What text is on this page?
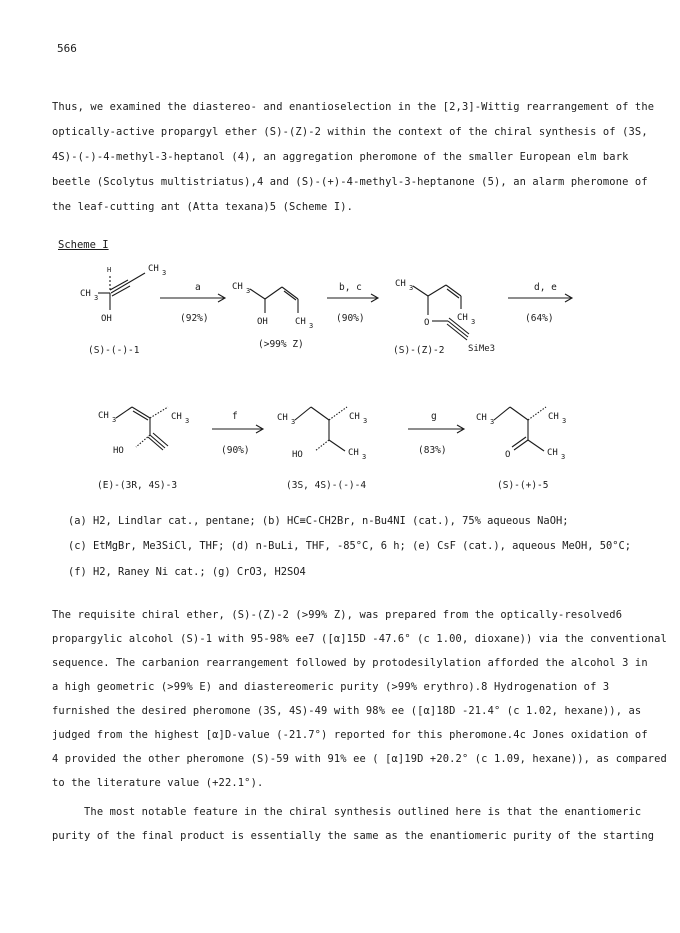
566
Thus, we examined the diastereo- and enantioselection in the [2,3]-Wittig rearrangement of the
optically-active propargyl ether (S)-(Z)-2 within the context of the chiral synthesis of (3S,
4S)-(-)-4-methyl-3-heptanol (4), an aggregation pheromone of the smaller European elm bark
beetle (Scolytus multistriatus),4 and (S)-(+)-4-methyl-3-heptanone (5), an alarm pheromone of
the leaf-cutting ant (Atta texana)5 (Scheme I).
Scheme I
H
CH 3
CH 3
OH
(S)-(-)-1
a
(92%)
CH 3
OH	CH 3
(>99% Z)
b, c
(90%)
CH 3
CH 3
O
SiMe3
(S)-(Z)-2
d, e
(64%)
CH 3	CH 3
HO
(E)-(3R, 4S)-3
f
(90%)
CH 3	CH 3
HO	CH 3
(3S, 4S)-(-)-4
g
(83%)
CH 3	CH 3
O	CH 3
(S)-(+)-5
(a) H2, Lindlar cat., pentane; (b) HC≡C-CH2Br, n-Bu4NI (cat.), 75% aqueous NaOH;
(c) EtMgBr, Me3SiCl, THF; (d) n-BuLi, THF, -85°C, 6 h; (e) CsF (cat.), aqueous MeOH, 50°C;
(f) H2, Raney Ni cat.; (g) CrO3, H2SO4
The requisite chiral ether, (S)-(Z)-2 (>99% Z), was prepared from the optically-resolved6
propargylic alcohol (S)-1 with 95-98% ee7 ([α]15D -47.6° (c 1.00, dioxane)) via the conventional
sequence. The carbanion rearrangement followed by protodesilylation afforded the alcohol 3 in
a high geometric (>99% E) and diastereomeric purity (>99% erythro).8 Hydrogenation of 3
furnished the desired pheromone (3S, 4S)-49 with 98% ee ([α]18D -21.4° (c 1.02, hexane)), as
judged from the highest [α]D-value (-21.7°) reported for this pheromone.4c Jones oxidation of
4 provided the other pheromone (S)-59 with 91% ee ( [α]19D +20.2° (c 1.09, hexane)), as compared
to the literature value (+22.1°).
The most notable feature in the chiral synthesis outlined here is that the enantiomeric
purity of the final product is essentially the same as the enantiomeric purity of the starting
